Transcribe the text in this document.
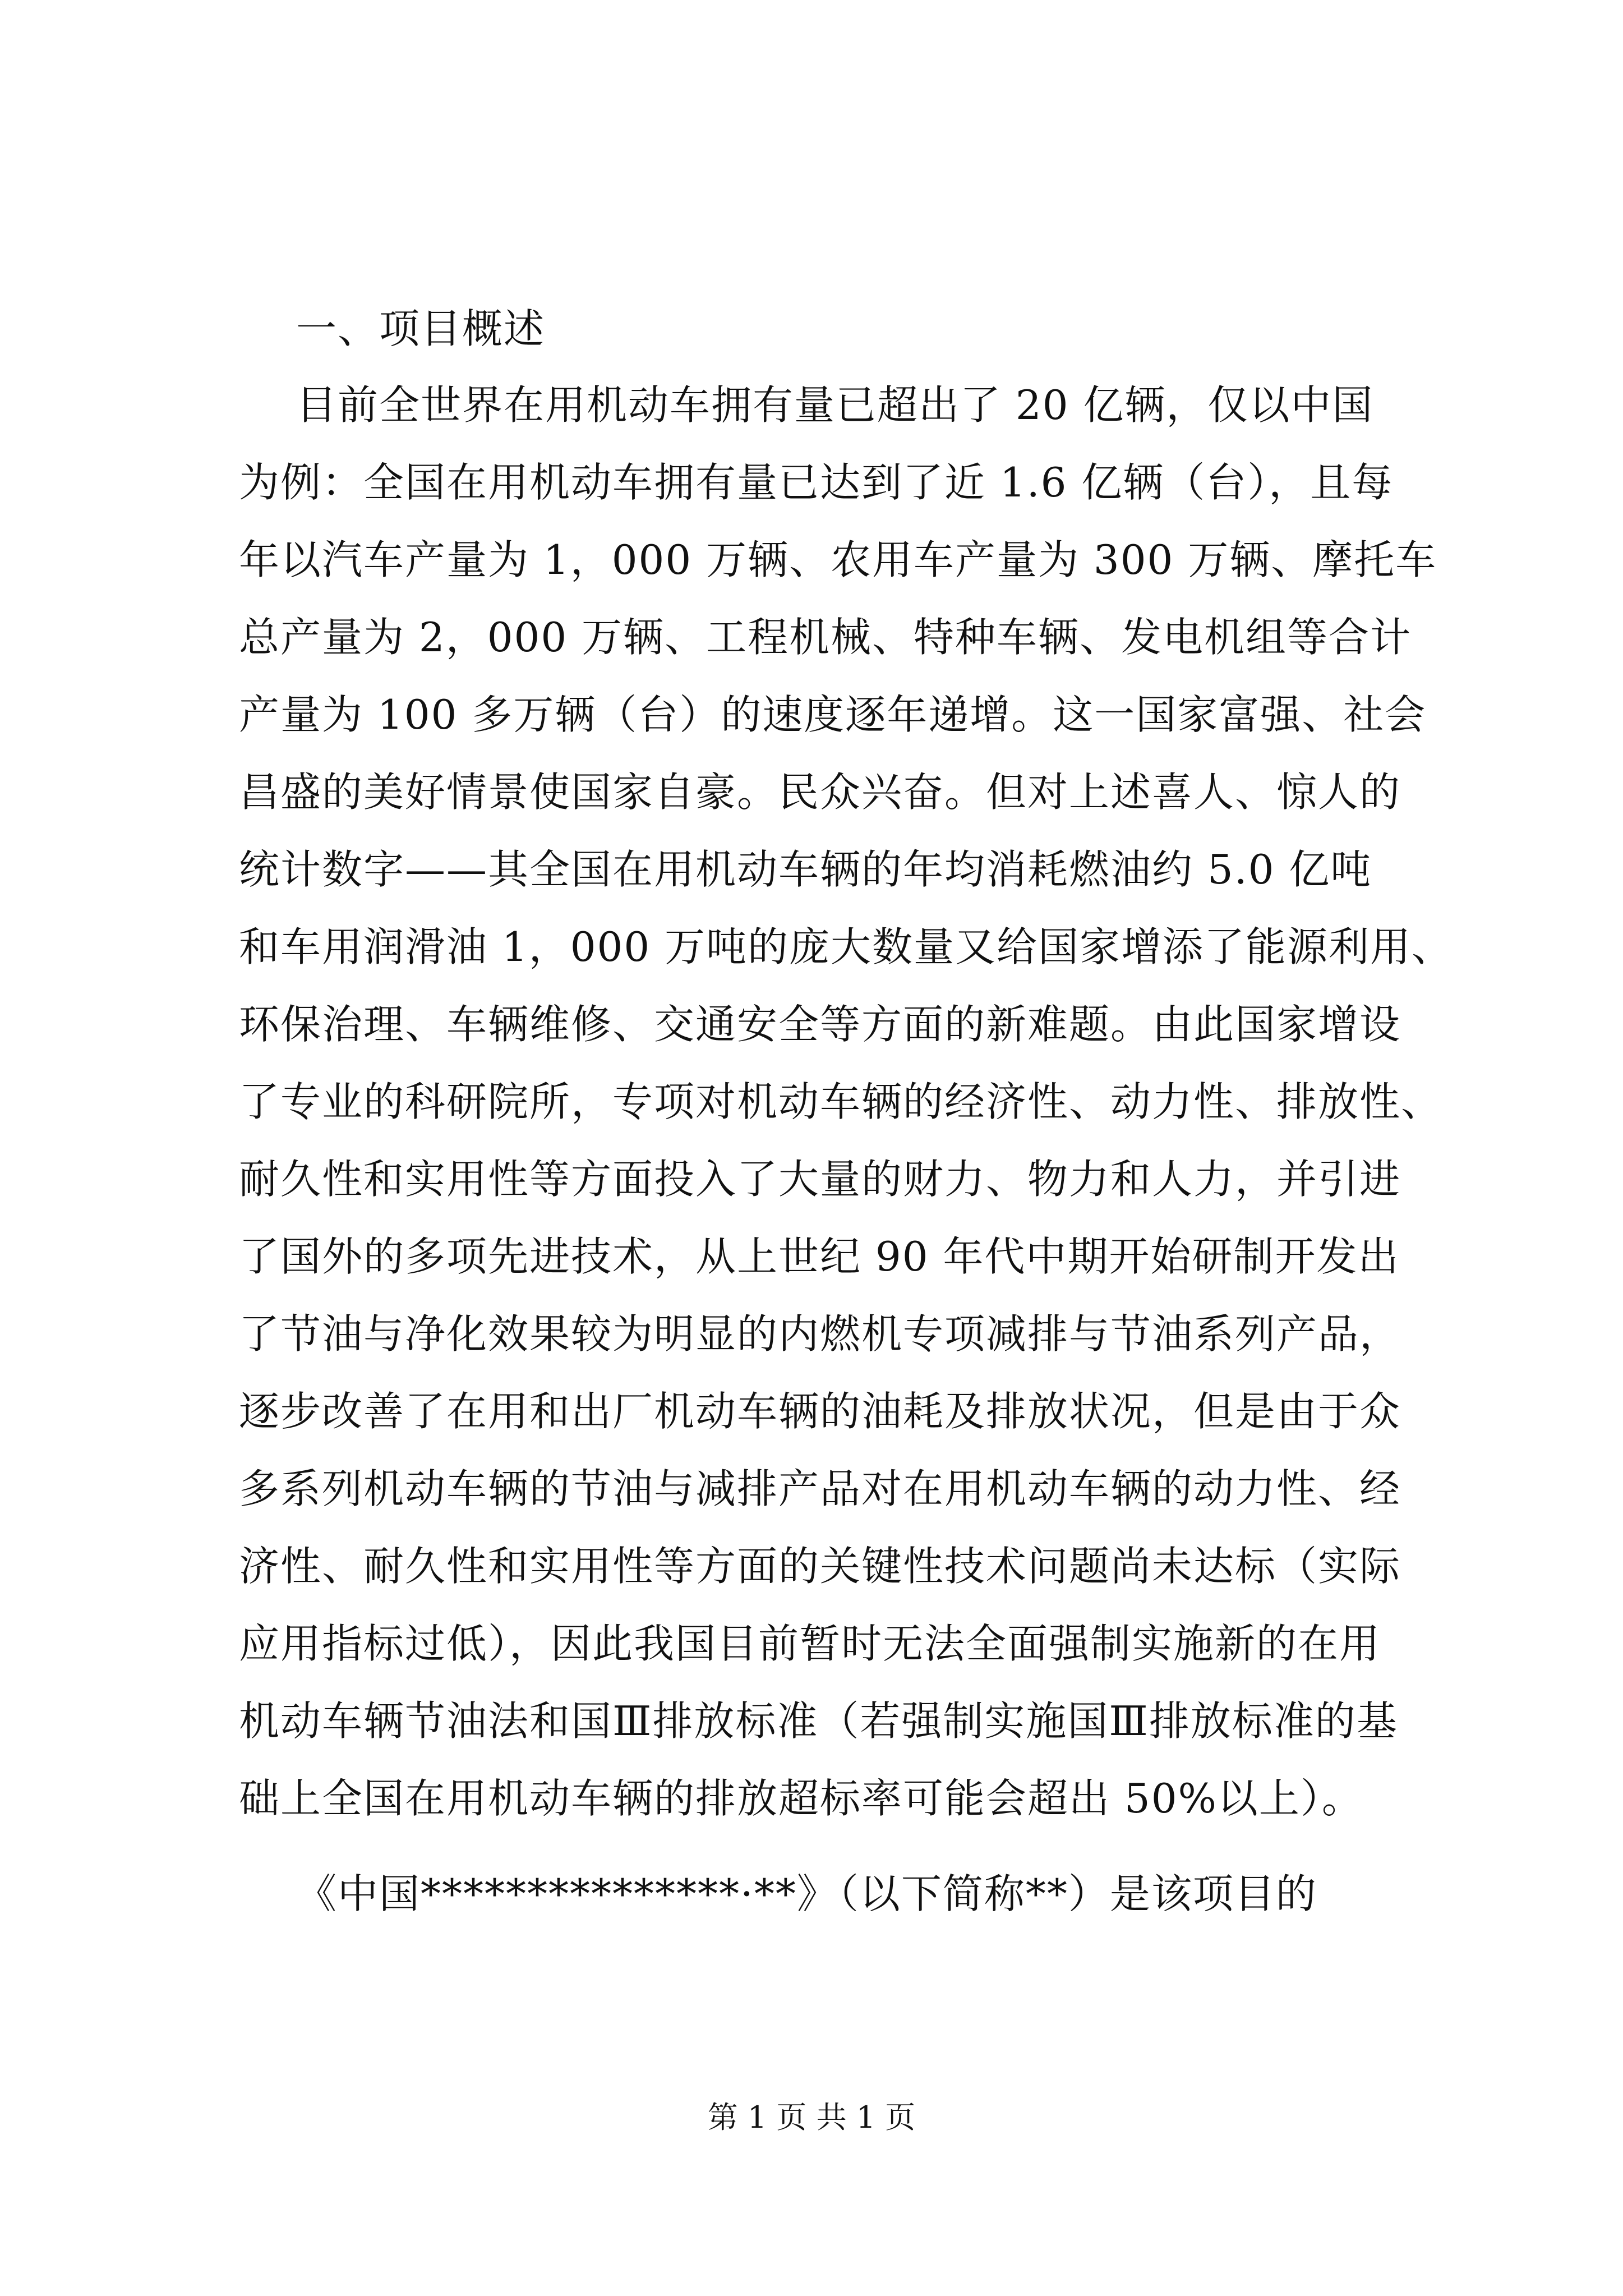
一、项目概述
目前全世界在用机动车拥有量已超出了 20 亿辆，仅以中国
为例：全国在用机动车拥有量已达到了近 1.6 亿辆（台），且每
年以汽车产量为 1，000 万辆、农用车产量为 300 万辆、摩托车
总产量为 2，000 万辆、工程机械、特种车辆、发电机组等合计
产量为 100 多万辆（台）的速度逐年递增。这一国家富强、社会
昌盛的美好情景使国家自豪。民众兴奋。但对上述喜人、惊人的
统计数字——其全国在用机动车辆的年均消耗燃油约 5.0 亿吨
和车用润滑油 1，000 万吨的庞大数量又给国家增添了能源利用、
环保治理、车辆维修、交通安全等方面的新难题。由此国家增设
了专业的科研院所，专项对机动车辆的经济性、动力性、排放性、
耐久性和实用性等方面投入了大量的财力、物力和人力，并引进
了国外的多项先进技术，从上世纪 90 年代中期开始研制开发出
了节油与净化效果较为明显的内燃机专项减排与节油系列产品，
逐步改善了在用和出厂机动车辆的油耗及排放状况，但是由于众
多系列机动车辆的节油与减排产品对在用机动车辆的动力性、经
济性、耐久性和实用性等方面的关键性技术问题尚未达标（实际
应用指标过低），因此我国目前暂时无法全面强制实施新的在用
机动车辆节油法和国Ⅲ排放标准（若强制实施国Ⅲ排放标准的基
础上全国在用机动车辆的排放超标率可能会超出 50%以上）。
《中国***************·**》（以下简称**）是该项目的
第 1 页 共 1 页
